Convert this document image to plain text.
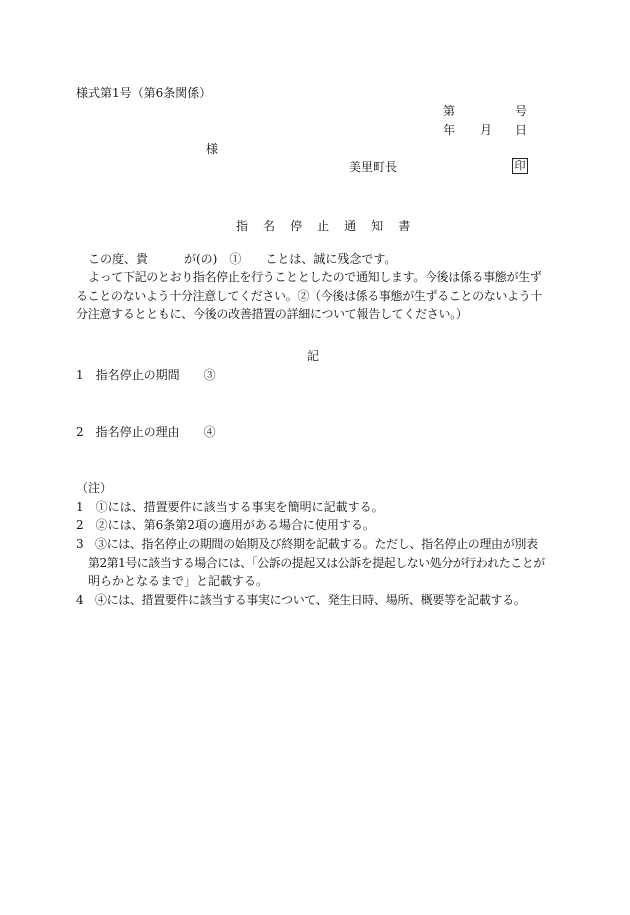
様式第1号（第6条関係）
第	号
年 月 日
様
美里町長	印
指 名 停 止 通 知 書
この度、貴　　　が(の)　①　　ことは、誠に残念です。
よって下記のとおり指名停止を行うこととしたので通知します。今後は係る事態が生ず
ることのないよう十分注意してください。②（今後は係る事態が生ずることのないよう十
分注意するとともに、今後の改善措置の詳細について報告してください。）
記
1　指名停止の期間　　③
2　指名停止の理由　　④
（注）
1　①には、措置要件に該当する事実を簡明に記載する。
2　②には、第6条第2項の適用がある場合に使用する。
3　③には、指名停止の期間の始期及び終期を記載する。ただし、指名停止の理由が別表
第2第1号に該当する場合には、「公訴の提起又は公訴を提起しない処分が行われたことが
明らかとなるまで」と記載する。
4　④には、措置要件に該当する事実について、発生日時、場所、概要等を記載する。
